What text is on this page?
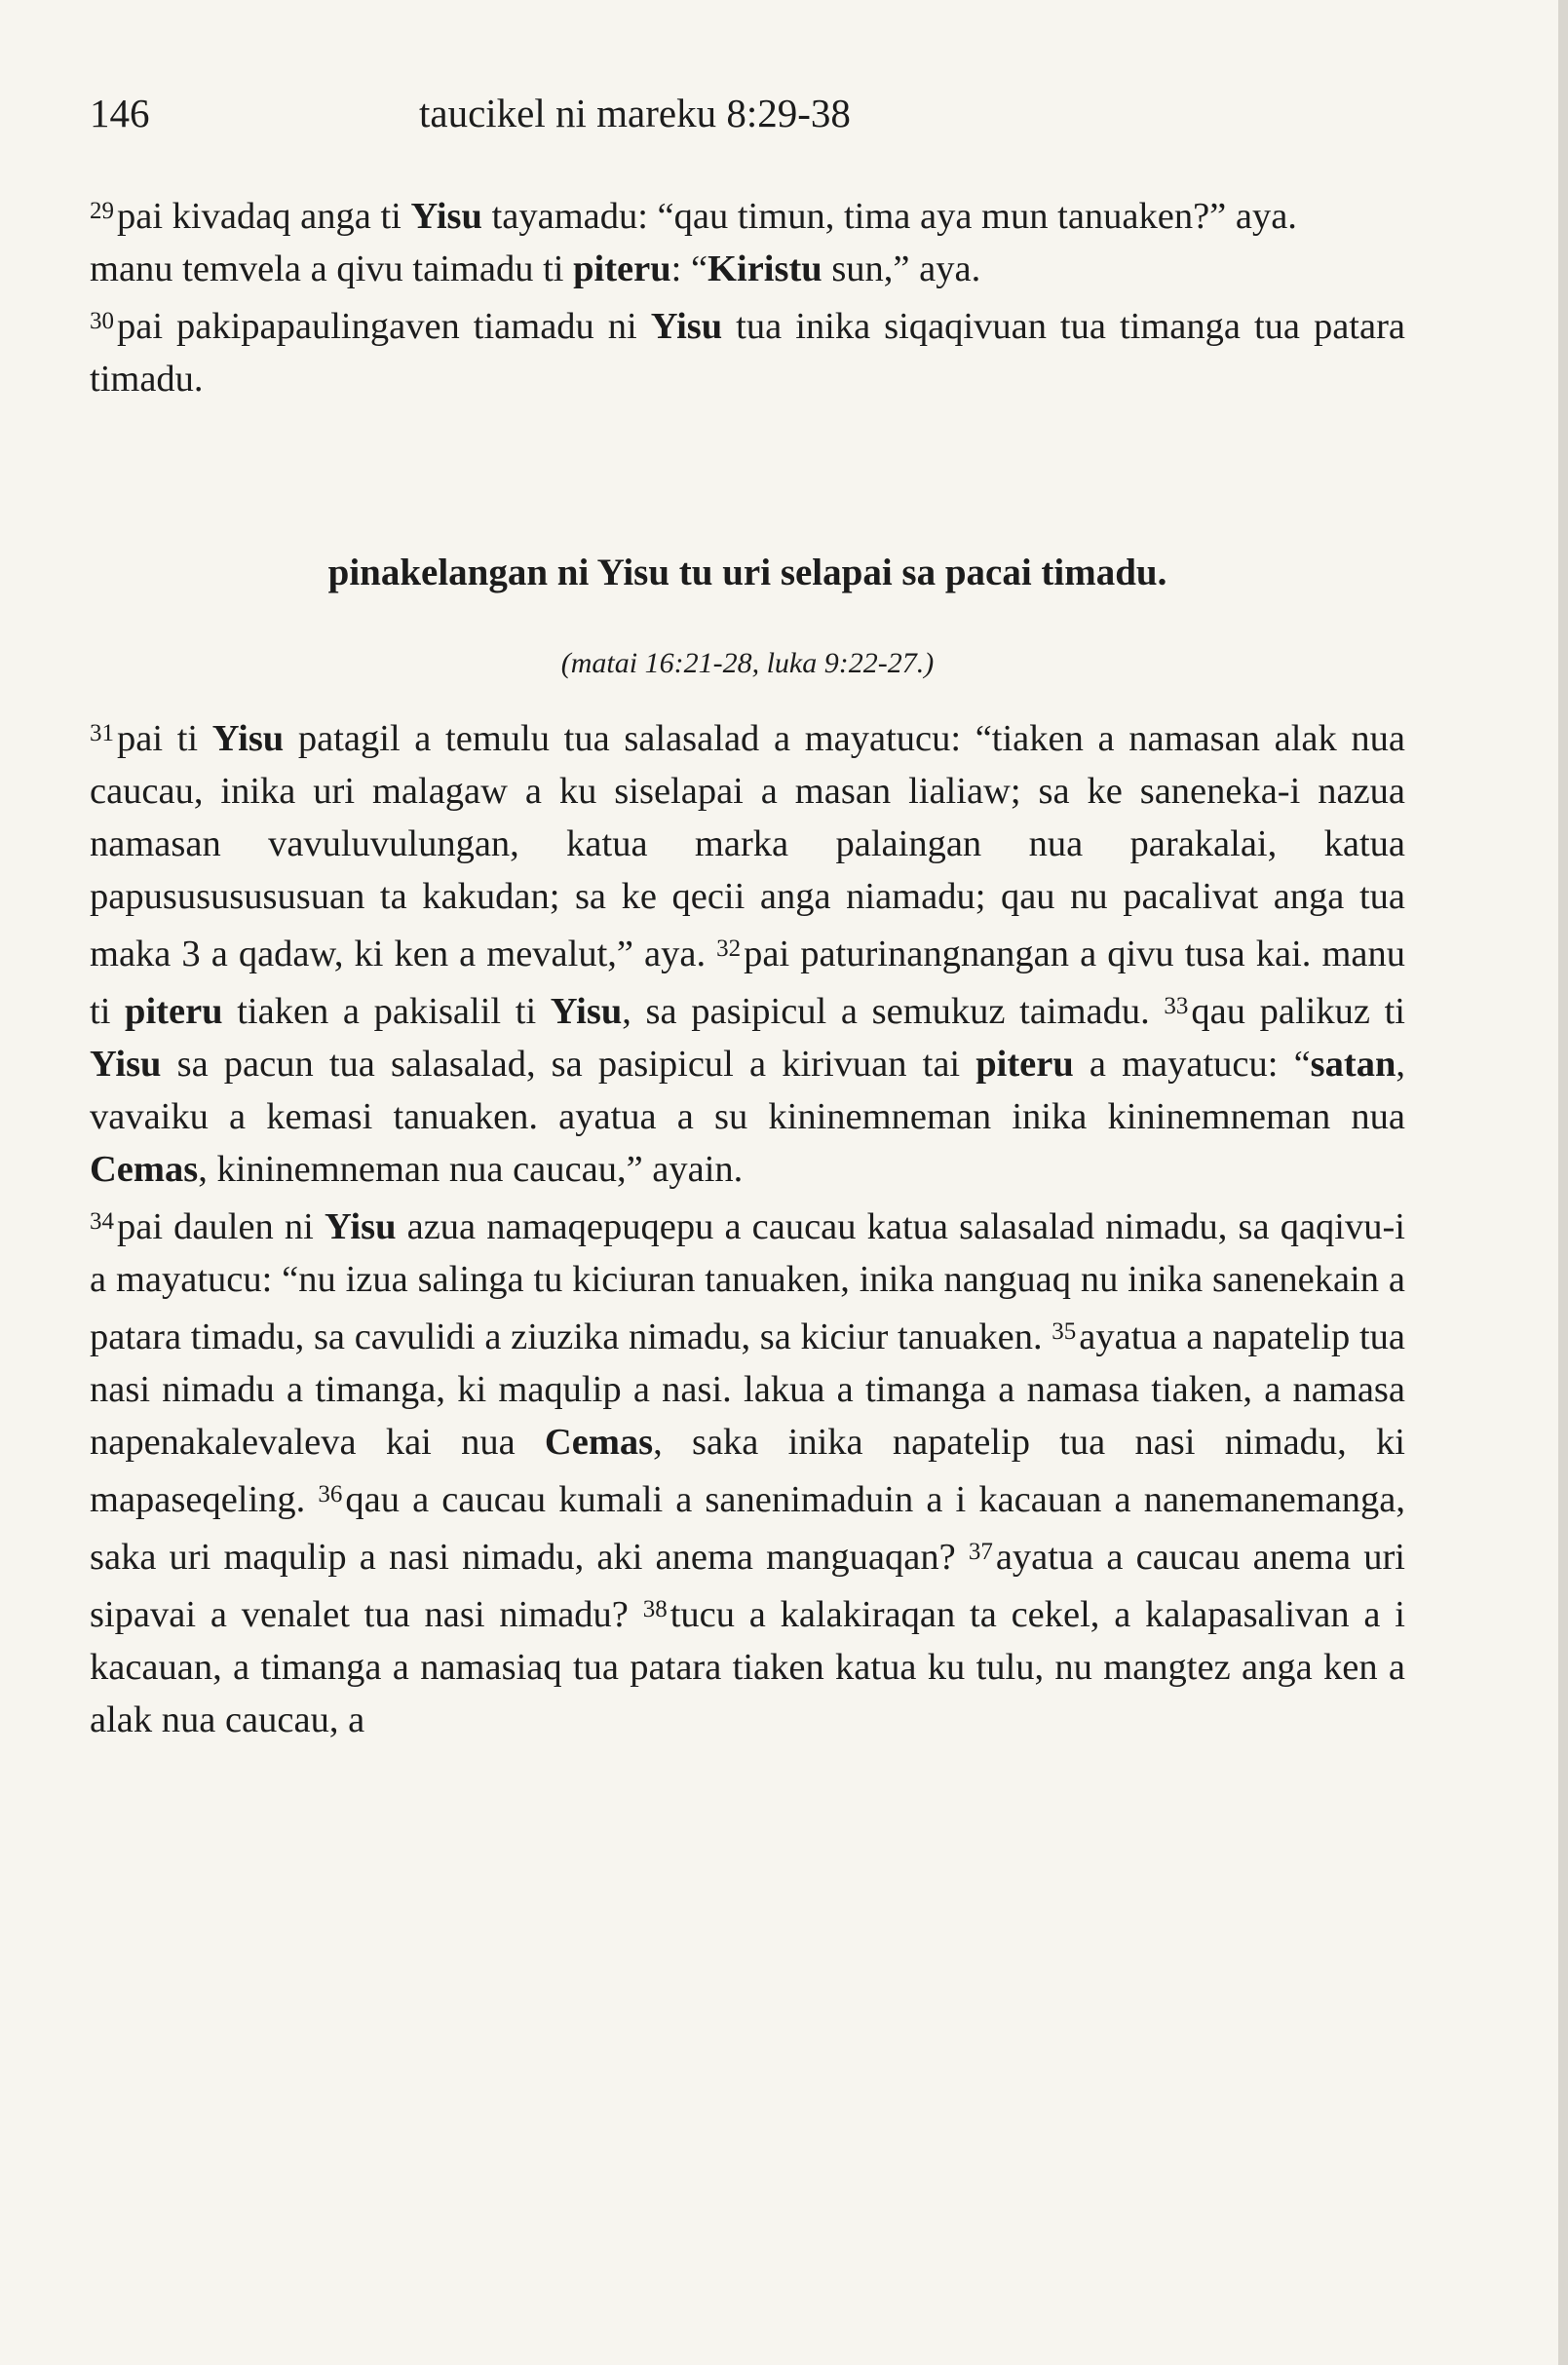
146	taucikel ni mareku 8:29-38
$^{29}$pai kivadaq anga ti Yisu tayamadu: “qau timun, tima aya mun tanuaken?” aya.
manu temvela a qivu taimadu ti piteru: “Kiristu sun,” aya.
$^{30}$pai pakipapaulingaven tiamadu ni Yisu tua inika siqaqivuan tua timanga tua patara timadu.
pinakelangan ni Yisu tu uri selapai sa pacai timadu.
(matai 16:21-28, luka 9:22-27.)
$^{31}$pai ti Yisu patagil a temulu tua salasalad a mayatucu: “tiaken a namasan alak nua caucau, inika uri malagaw a ku siselapai a masan lialiaw; sa ke saneneka-i nazua namasan vavuluvulungan, katua marka palaingan nua parakalai, katua papusususususuan ta kakudan; sa ke qecii anga niamadu; qau nu pacalivat anga tua maka 3 a qadaw, ki ken a mevalut,” aya. $^{32}$pai paturinangnangan a qivu tusa kai. manu ti piteru tiaken a pakisalil ti Yisu, sa pasipicul a semukuz taimadu. $^{33}$qau palikuz ti Yisu sa pacun tua salasalad, sa pasipicul a kirivuan tai piteru a mayatucu: “satan, vavaiku a kemasi tanuaken. ayatua a su kininemneman inika kininemneman nua Cemas, kininemneman nua caucau,” ayain.
$^{34}$pai daulen ni Yisu azua namaqepuqepu a caucau katua salasalad nimadu, sa qaqivu-i a mayatucu: “nu izua salinga tu kiciuran tanuaken, inika nanguaq nu inika sanenekain a patara timadu, sa cavulidi a ziuzika nimadu, sa kiciur tanuaken. $^{35}$ayatua a napatelip tua nasi nimadu a timanga, ki maqulip a nasi. lakua a timanga a namasa tiaken, a namasa napenakalevaleva kai nua Cemas, saka inika napatelip tua nasi nimadu, ki mapaseqeling. $^{36}$qau a caucau kumali a sanenimaduin a i kacauan a nanemanemanga, saka uri maqulip a nasi nimadu, aki anema manguaqan? $^{37}$ayatua a caucau anema uri sipavai a venalet tua nasi nimadu? $^{38}$tucu a kalakiraqan ta cekel, a kalapasalivan a i kacauan, a timanga a namasiaq tua patara tiaken katua ku tulu, nu mangtez anga ken a alak nua caucau, a
